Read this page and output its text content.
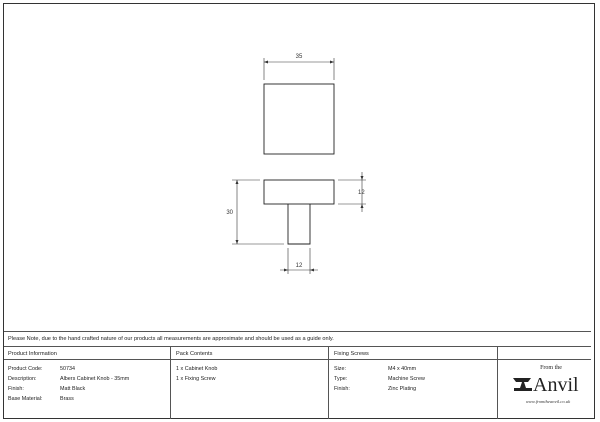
35
30
12
12
Please Note, due to the hand crafted nature of our products all measurements are approximate and should be used as a guide only.
Product Information	Pack Contents	Fixing Screws
Product Code:	50734
Description:	Albers Cabinet Knob - 35mm
Finish:	Matt Black
Base Material:	Brass
1 x Cabinet Knob
1 x Fixing Screw
Size:	M4 x 40mm
Type:	Machine Screw
Finish:	Zinc Plating
From the
Anvil
www.fromtheanvil.co.uk
